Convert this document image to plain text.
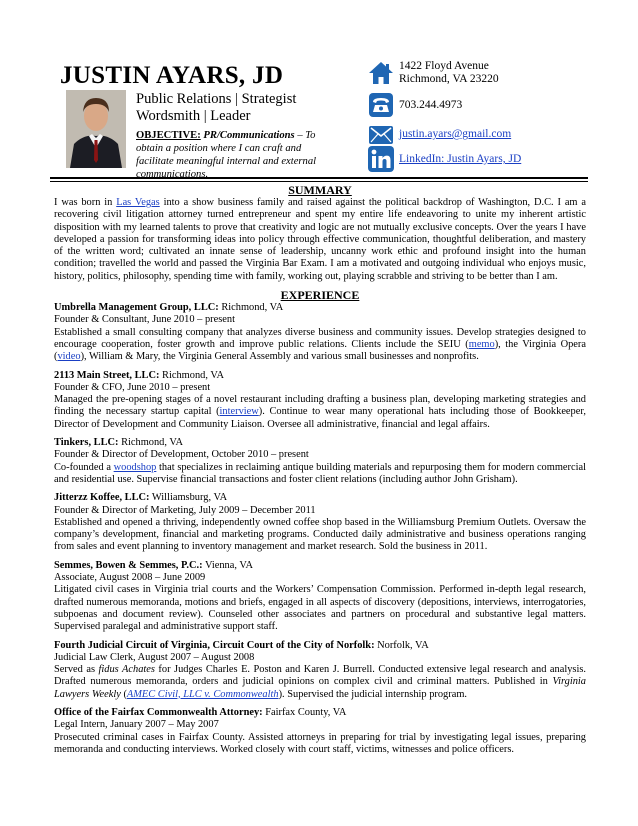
JUSTIN AYARS, JD
Public Relations | Strategist
Wordsmith | Leader
OBJECTIVE: PR/Communications – To obtain a position where I can craft and facilitate meaningful internal and external communications.
1422 Floyd Avenue
Richmond, VA 23220
703.244.4973
justin.ayars@gmail.com
LinkedIn: Justin Ayars, JD
SUMMARY

I was born in Las Vegas into a show business family and raised against the political backdrop of Washington, D.C. I am a recovering civil litigation attorney turned entrepreneur and spent my entire life endeavoring to unite my inherent artistic disposition with my learned talents to prove that creativity and logic are not mutually exclusive concepts. Over the years I have developed a passion for transforming ideas into policy through effective communication, thoughtful deliberation, and mastery of the written word; cultivated an innate sense of leadership, uncanny work ethic and profound insight into the human condition; travelled the world and passed the Virginia Bar Exam. I am a motivated and outgoing individual who enjoys music, history, politics, philosophy, spending time with family, working out, playing scrabble and striving to be better than I am.

EXPERIENCE
Umbrella Management Group, LLC: Richmond, VA
Founder & Consultant, June 2010 – present

Established a small consulting company that analyzes diverse business and community issues. Develop strategies designed to encourage cooperation, foster growth and improve public relations. Clients include the SEIU (memo), the Virginia Opera (video), William & Mary, the Virginia General Assembly and various small businesses and nonprofits.

2113 Main Street, LLC: Richmond, VA
Founder & CFO, June 2010 – present

Managed the pre-opening stages of a novel restaurant including drafting a business plan, developing marketing strategies and finding the necessary startup capital (interview). Continue to wear many operational hats including those of Bookkeeper, Director of Development and Community Liaison. Oversee all administrative, financial and legal affairs.

Tinkers, LLC: Richmond, VA
Founder & Director of Development, October 2010 – present

Co-founded a woodshop that specializes in reclaiming antique building materials and repurposing them for modern commercial and residential use. Supervise financial transactions and foster client relations (including author John Grisham).

Jitterzz Koffee, LLC: Williamsburg, VA
Founder & Director of Marketing, July 2009 – December 2011

Established and opened a thriving, independently owned coffee shop based in the Williamsburg Premium Outlets. Oversaw the company’s development, financial and marketing programs. Conducted daily administrative and business operations ranging from sales and event planning to inventory management and market research. Sold the business in 2011.

Semmes, Bowen & Semmes, P.C.: Vienna, VA
Associate, August 2008 – June 2009

Litigated civil cases in Virginia trial courts and the Workers’ Compensation Commission. Performed in-depth legal research, drafted numerous memoranda, motions and briefs, engaged in all aspects of discovery (depositions, interviews, interrogatories, subpoenas and document review). Counseled other associates and partners on procedural and substantive legal matters. Supervised paralegal and administrative support staff.

Fourth Judicial Circuit of Virginia, Circuit Court of the City of Norfolk: Norfolk, VA
Judicial Law Clerk, August 2007 – August 2008

Served as fidus Achates for Judges Charles E. Poston and Karen J. Burrell. Conducted extensive legal research and analysis. Drafted numerous memoranda, orders and judicial opinions on complex civil and criminal matters. Published in Virginia Lawyers Weekly (AMEC Civil, LLC v. Commonwealth). Supervised the judicial internship program.

Office of the Fairfax Commonwealth Attorney: Fairfax County, VA
Legal Intern, January 2007 – May 2007

Prosecuted criminal cases in Fairfax County. Assisted attorneys in preparing for trial by investigating legal issues, preparing memoranda and conducting interviews. Worked closely with court staff, victims, witnesses and police officers.
